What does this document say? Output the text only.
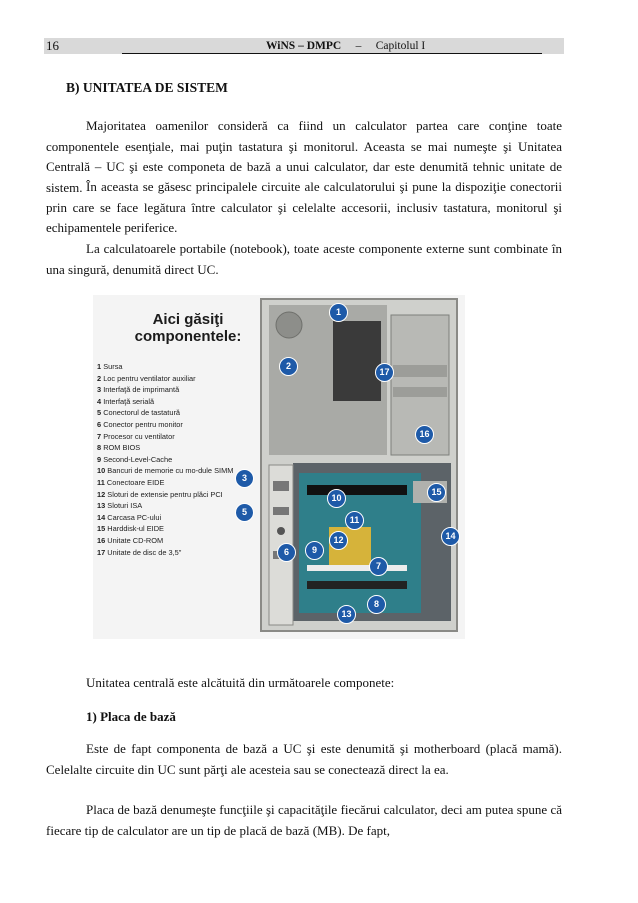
16	WiNS – DMPC – Capitolul I
B) UNITATEA DE SISTEM

Majoritatea oamenilor consideră ca fiind un calculator partea care conţine toate componentele esenţiale, mai puţin tastatura şi monitorul. Aceasta se mai numeşte şi Unitatea Centrală – UC şi este componeta de bază a unui calculator, dar este denumită tehnic unitate de sistem. În aceasta se găsesc principalele circuite ale calculatorului şi pune la dispoziţie conectorii prin care se face legătura între calculator şi celelalte accesorii, inclusiv tastatura, monitorul şi echipamentele periferice.

La calculatoarele portabile (notebook), toate aceste componente externe sunt combinate în una singură, denumită direct UC.

Aici găsiţi
componentele:
1 Sursa
2 Loc pentru ventilator auxiliar
3 Interfaţă de imprimantă
4 Interfaţă serială
5 Conectorul de tastatură
6 Conector pentru monitor
7 Procesor cu ventilator
8 ROM BIOS
9 Second-Level-Cache
10 Bancuri de memorie cu mo-dule SIMM
11 Conectoare EIDE
12 Sloturi de extensie pentru plăci PCI
13 Sloturi ISA
14 Carcasa PC-ului
15 Harddisk-ul EIDE
16 Unitate CD-ROM
17 Unitate de disc de 3,5"
1
2
3
5
6
7
8
9
10
11
12
13
14
15
16
17
Unitatea centrală este alcătuită din următoarele componete:
1) Placa de bază

Este de fapt componenta de bază a UC şi este denumită şi motherboard (placă mamă). Celelalte circuite din UC sunt părţi ale acesteia sau se conectează direct la ea.

Placa de bază denumeşte funcţiile şi capacităţile fiecărui calculator, deci am putea spune că fiecare tip de calculator are un tip de placă de bază (MB). De fapt,
